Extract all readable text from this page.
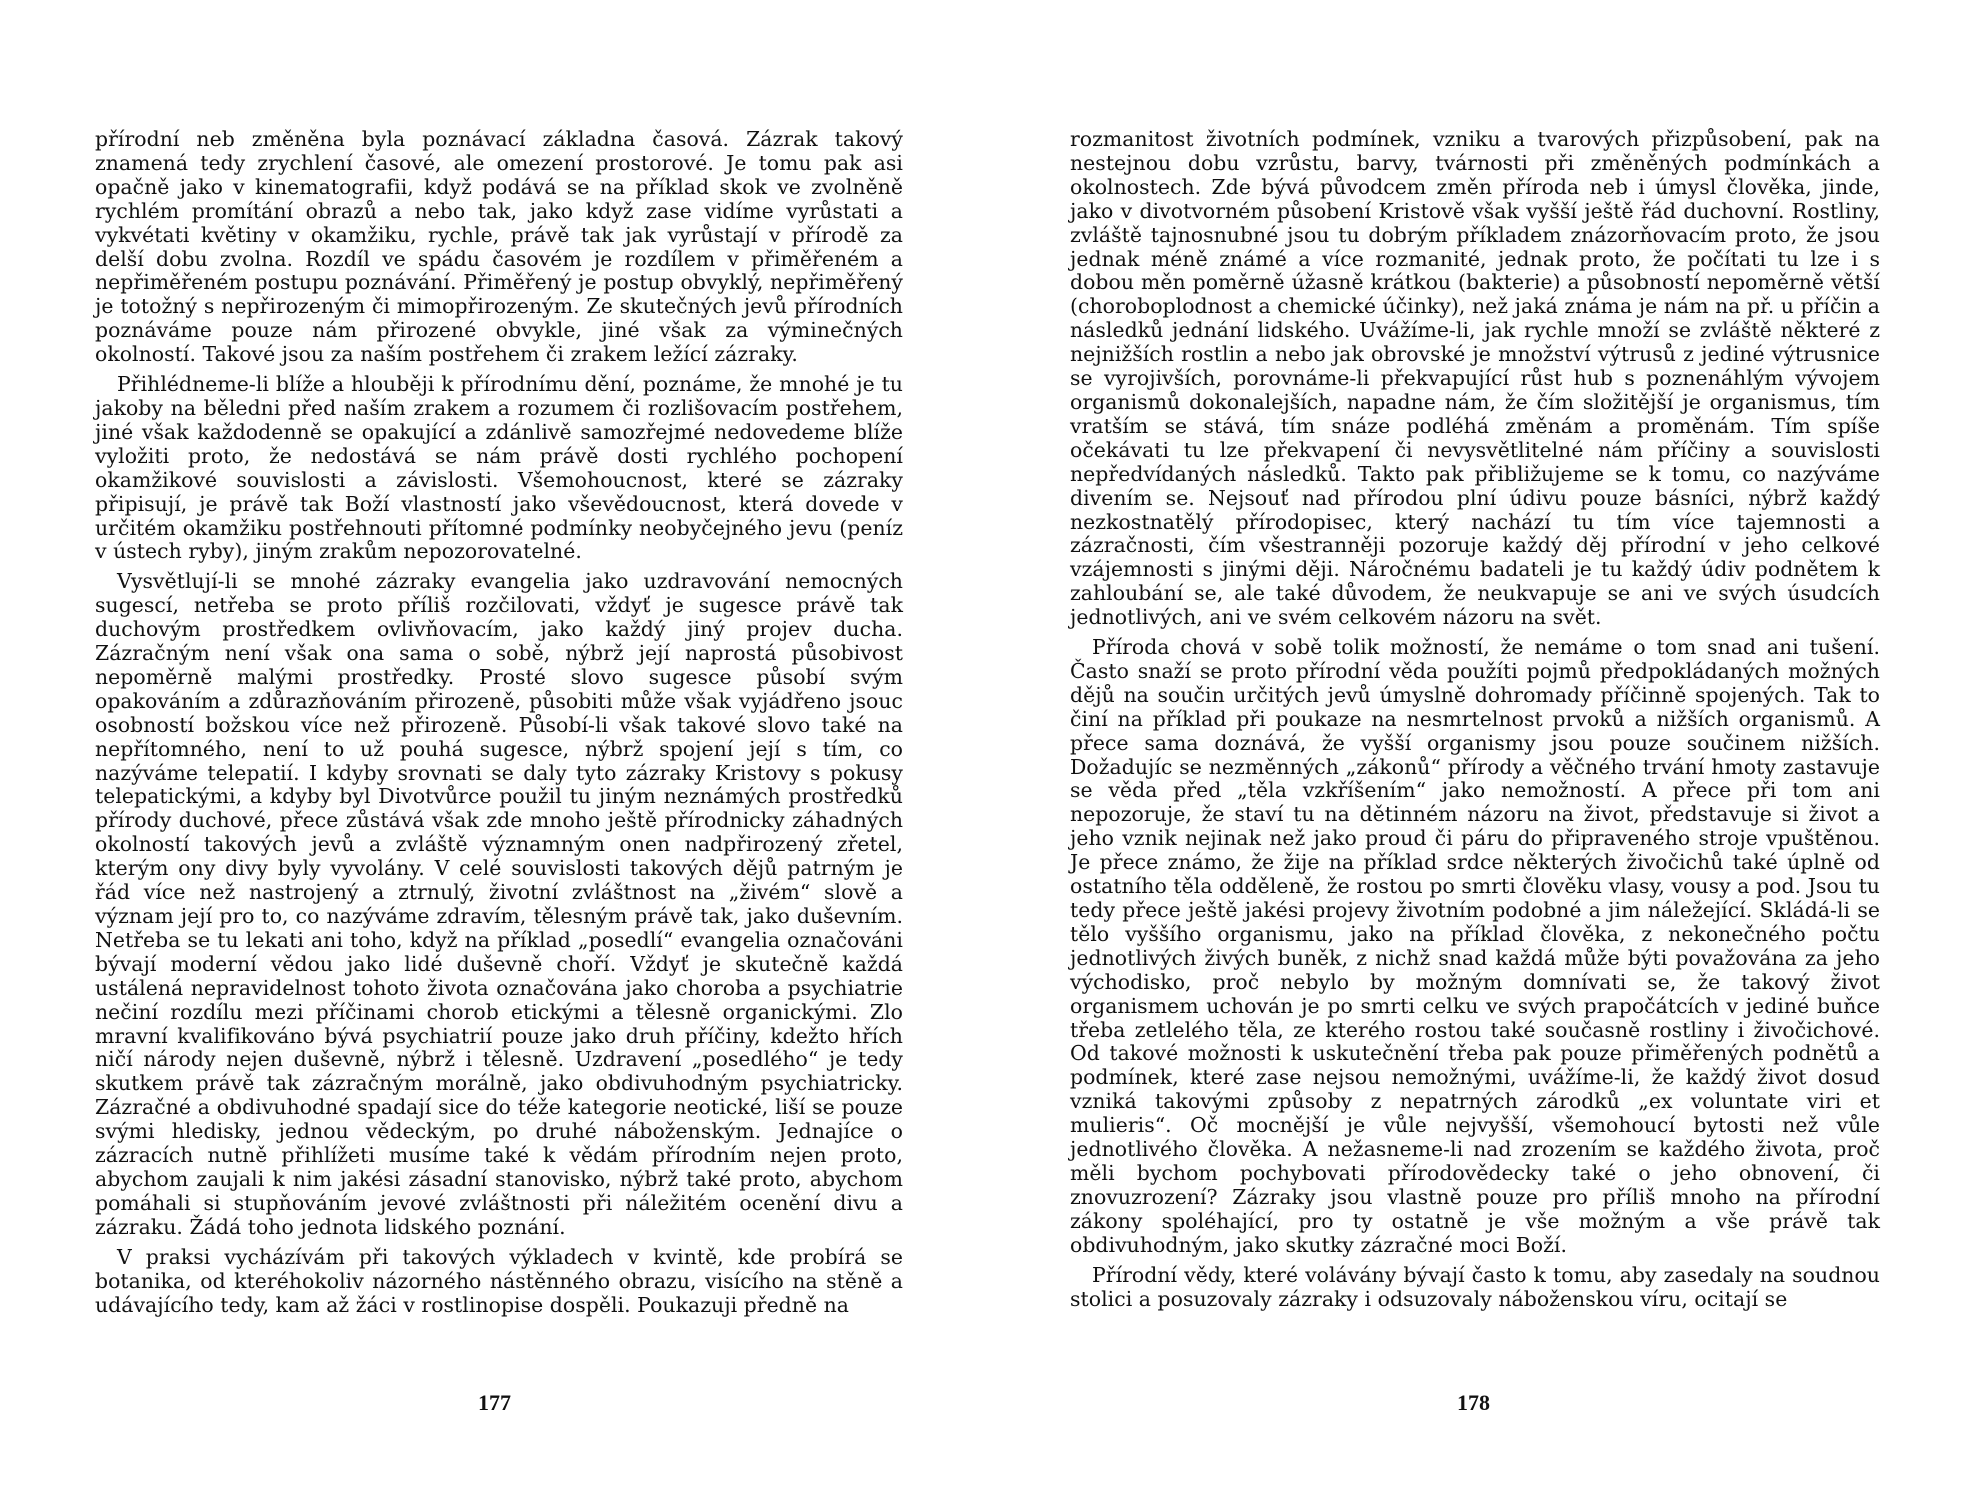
přírodní neb změněna byla poznávací základna časová. Zázrak takový znamená tedy zrychlení časové, ale omezení prostorové. Je tomu pak asi opačně jako v kinematografii, když podává se na příklad skok ve zvolněně rychlém promítání obrazů a nebo tak, jako když zase vidíme vyrůstati a vykvétati květiny v okamžiku, rychle, právě tak jak vyrůstají v přírodě za delší dobu zvolna. Rozdíl ve spádu časovém je rozdílem v přiměřeném a nepřiměřeném postupu poznávání. Přiměřený je postup obvyklý, nepřiměřený je totožný s nepřirozeným či mimopřirozeným. Ze skutečných jevů přírodních poznáváme pouze nám přirozené obvykle, jiné však za výminečných okolností. Takové jsou za naším postřehem či zrakem ležící zázraky.

Přihlédneme-li blíže a hlouběji k přírodnímu dění, poznáme, že mnohé je tu jakoby na běledni před naším zrakem a rozumem či rozlišovacím postřehem, jiné však každodenně se opakující a zdánlivě samozřejmé nedovedeme blíže vyložiti proto, že nedostává se nám právě dosti rychlého pochopení okamžikové souvislosti a závislosti. Všemohoucnost, které se zázraky připisují, je právě tak Boží vlastností jako vševědoucnost, která dovede v určitém okamžiku postřehnouti přítomné podmínky neobyčejného jevu (peníz v ústech ryby), jiným zrakům nepozorovatelné.

Vysvětlují-li se mnohé zázraky evangelia jako uzdravování nemocných sugescí, netřeba se proto příliš rozčilovati, vždyť je sugesce právě tak duchovým prostředkem ovlivňovacím, jako každý jiný projev ducha. Zázračným není však ona sama o sobě, nýbrž její naprostá působivost nepoměrně malými prostředky. Prosté slovo sugesce působí svým opakováním a zdůrazňováním přirozeně, působiti může však vyjádřeno jsouc osobností božskou více než přirozeně. Působí-li však takové slovo také na nepřítomného, není to už pouhá sugesce, nýbrž spojení její s tím, co nazýváme telepatií. I kdyby srovnati se daly tyto zázraky Kristovy s pokusy telepatickými, a kdyby byl Divotvůrce použil tu jiným neznámých prostředků přírody duchové, přece zůstává však zde mnoho ještě přírodnicky záhadných okolností takových jevů a zvláště významným onen nadpřirozený zřetel, kterým ony divy byly vyvolány. V celé souvislosti takových dějů patrným je řád více než nastrojený a ztrnulý, životní zvláštnost na „živém“ slově a význam její pro to, co nazýváme zdravím, tělesným právě tak, jako duševním. Netřeba se tu lekati ani toho, když na příklad „posedlí“ evangelia označováni bývají moderní vědou jako lidé duševně choří. Vždyť je skutečně každá ustálená nepravidelnost tohoto života označována jako choroba a psychiatrie nečiní rozdílu mezi příčinami chorob etickými a tělesně organickými. Zlo mravní kvalifikováno bývá psychiatrií pouze jako druh příčiny, kdežto hřích ničí národy nejen duševně, nýbrž i tělesně. Uzdravení „posedlého“ je tedy skutkem právě tak zázračným morálně, jako obdivuhodným psychiatricky. Zázračné a obdivuhodné spadají sice do téže kategorie neotické, liší se pouze svými hledisky, jednou vědeckým, po druhé náboženským. Jednajíce o zázracích nutně přihlížeti musíme také k vědám přírodním nejen proto, abychom zaujali k nim jakési zásadní stanovisko, nýbrž také proto, abychom pomáhali si stupňováním jevové zvláštnosti při náležitém ocenění divu a zázraku. Žádá toho jednota lidského poznání.

V praksi vycházívám při takových výkladech v kvintě, kde probírá se botanika, od kteréhokoliv názorného nástěnného obrazu, visícího na stěně a udávajícího tedy, kam až žáci v rostlinopise dospěli. Poukazuji předně na

177

rozmanitost životních podmínek, vzniku a tvarových přizpůsobení, pak na nestejnou dobu vzrůstu, barvy, tvárnosti při změněných podmínkách a okolnostech. Zde bývá původcem změn příroda neb i úmysl člověka, jinde, jako v divotvorném působení Kristově však vyšší ještě řád duchovní. Rostliny, zvláště tajnosnubné jsou tu dobrým příkladem znázorňovacím proto, že jsou jednak méně známé a více rozmanité, jednak proto, že počítati tu lze i s dobou měn poměrně úžasně krátkou (bakterie) a působností nepoměrně větší (choroboplodnost a chemické účinky), než jaká známa je nám na př. u příčin a následků jednání lidského. Uvážíme-li, jak rychle množí se zvláště některé z nejnižších rostlin a nebo jak obrovské je množství výtrusů z jediné výtrusnice se vyrojivších, porovnáme-li překvapující růst hub s poznenáhlým vývojem organismů dokonalejších, napadne nám, že čím složitější je organismus, tím vratším se stává, tím snáze podléhá změnám a proměnám. Tím spíše očekávati tu lze překvapení či nevysvětlitelné nám příčiny a souvislosti nepředvídaných následků. Takto pak přibližujeme se k tomu, co nazýváme divením se. Nejsouť nad přírodou plní údivu pouze básníci, nýbrž každý nezkostnatělý přírodopisec, který nachází tu tím více tajemnosti a zázračnosti, čím všestranněji pozoruje každý děj přírodní v jeho celkové vzájemnosti s jinými ději. Náročnému badateli je tu každý údiv podnětem k zahloubání se, ale také důvodem, že neukvapuje se ani ve svých úsudcích jednotlivých, ani ve svém celkovém názoru na svět.

Příroda chová v sobě tolik možností, že nemáme o tom snad ani tušení. Často snaží se proto přírodní věda použíti pojmů předpokládaných možných dějů na součin určitých jevů úmyslně dohromady příčinně spojených. Tak to činí na příklad při poukaze na nesmrtelnost prvoků a nižších organismů. A přece sama doznává, že vyšší organismy jsou pouze součinem nižších. Dožadujíc se nezměnných „zákonů“ přírody a věčného trvání hmoty zastavuje se věda před „těla vzkříšením“ jako nemožností. A přece při tom ani nepozoruje, že staví tu na dětinném názoru na život, představuje si život a jeho vznik nejinak než jako proud či páru do připraveného stroje vpuštěnou. Je přece známo, že žije na příklad srdce některých živočichů také úplně od ostatního těla odděleně, že rostou po smrti člověku vlasy, vousy a pod. Jsou tu tedy přece ještě jakési projevy životním podobné a jim náležející. Skládá-li se tělo vyššího organismu, jako na příklad člověka, z nekonečného počtu jednotlivých živých buněk, z nichž snad každá může býti považována za jeho východisko, proč nebylo by možným domnívati se, že takový život organismem uchován je po smrti celku ve svých prapočátcích v jediné buňce třeba zetlelého těla, ze kterého rostou také současně rostliny i živočichové. Od takové možnosti k uskutečnění třeba pak pouze přiměřených podnětů a podmínek, které zase nejsou nemožnými, uvážíme-li, že každý život dosud vzniká takovými způsoby z nepatrných zárodků „ex voluntate viri et mulieris“. Oč mocnější je vůle nejvyšší, všemohoucí bytosti než vůle jednotlivého člověka. A nežasneme-li nad zrozením se každého života, proč měli bychom pochybovati přírodovědecky také o jeho obnovení, či znovuzrození? Zázraky jsou vlastně pouze pro příliš mnoho na přírodní zákony spoléhající, pro ty ostatně je vše možným a vše právě tak obdivuhodným, jako skutky zázračné moci Boží.

Přírodní vědy, které volávány bývají často k tomu, aby zasedaly na soudnou stolici a posuzovaly zázraky i odsuzovaly náboženskou víru, ocitají se

178
